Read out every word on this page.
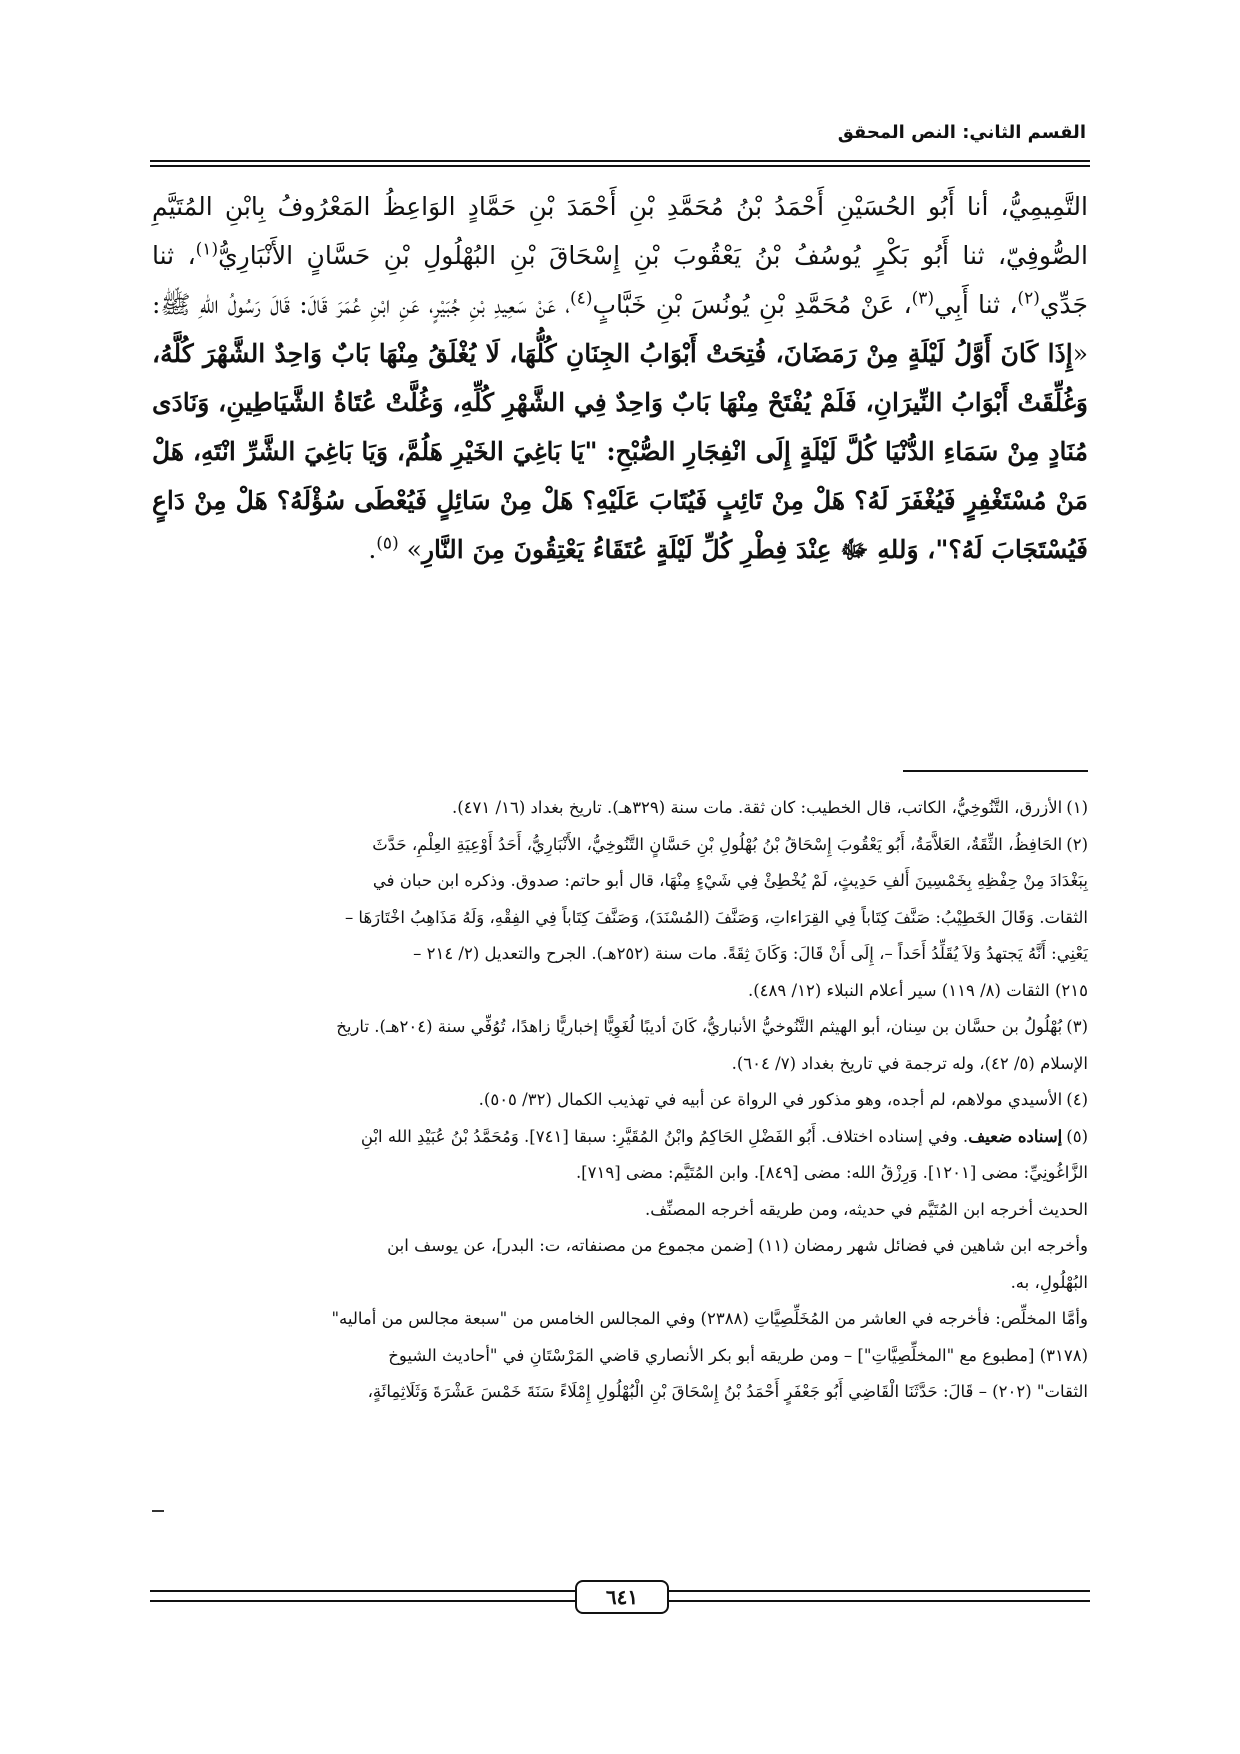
القسم الثاني: النص المحقق

التَّمِيمِيُّ، أنا أَبُو الحُسَيْنِ أَحْمَدُ بْنُ مُحَمَّدِ بْنِ أَحْمَدَ بْنِ حَمَّادٍ الوَاعِظُ المَعْرُوفُ بِابْنِ المُتَيَّمِ الصُّوفِيّ، ثنا أَبُو بَكْرٍ يُوسُفُ بْنُ يَعْقُوبَ بْنِ إِسْحَاقَ بْنِ البُهْلُولِ بْنِ حَسَّانٍ الأَنْبَارِيُّ$^{(١)}$، ثنا جَدِّي$^{(٢)}$، ثنا أَبِي$^{(٣)}$، عَنْ مُحَمَّدِ بْنِ يُونُسَ بْنِ خَبَّابٍ$^{(٤)}$، عَنْ سَعِيدِ بْنِ جُبَيْرٍ، عَنِ ابْنِ عُمَرَ قَالَ: قَالَ رَسُولُ اللهِ ﷺ: «إِذَا كَانَ أَوَّلُ لَيْلَةٍ مِنْ رَمَضَانَ، فُتِحَتْ أَبْوَابُ الجِنَانِ كُلُّهَا، لَا يُغْلَقُ مِنْهَا بَابٌ وَاحِدٌ الشَّهْرَ كُلَّهُ، وَغُلِّقَتْ أَبْوَابُ النِّيرَانِ، فَلَمْ يُفْتَحْ مِنْهَا بَابٌ وَاحِدٌ فِي الشَّهْرِ كُلِّهِ، وَغُلَّتْ عُتَاةُ الشَّيَاطِينِ، وَنَادَى مُنَادٍ مِنْ سَمَاءِ الدُّنْيَا كُلَّ لَيْلَةٍ إِلَى انْفِجَارِ الصُّبْحِ: "يَا بَاغِيَ الخَيْرِ هَلُمَّ، وَيَا بَاغِيَ الشَّرِّ انْتَهِ، هَلْ مَنْ مُسْتَغْفِرٍ فَيُغْفَرَ لَهُ؟ هَلْ مِنْ تَائِبٍ فَيُتَابَ عَلَيْهِ؟ هَلْ مِنْ سَائِلٍ فَيُعْطَى سُؤْلَهُ؟ هَلْ مِنْ دَاعٍ فَيُسْتَجَابَ لَهُ؟"، وَللهِ ﷻ عِنْدَ فِطْرِ كُلِّ لَيْلَةٍ عُتَقَاءُ يَعْتِقُونَ مِنَ النَّارِ» $^{(٥)}$.

(١)الأزرق، التَّنُوخِيُّ، الكاتب، قال الخطيب: كان ثقة. مات سنة (٣٢٩هـ). تاريخ بغداد (١٦/ ٤٧١).

(٢)الحَافِظُ، الثِّقَةُ، العَلاَّمَةُ، أَبُو يَعْقُوبَ إِسْحَاقُ بْنُ بُهْلُولِ بْنِ حَسَّانٍ التَّنُوخِيُّ، الأَنْبَارِيُّ، أَحَدُ أَوْعِيَةِ العِلْمِ، حَدَّثَ

بِبَغْدَادَ مِنْ حِفْظِهِ بِخَمْسِينَ أَلفِ حَدِيثٍ، لَمْ يُخْطِئْ فِي شَيْءٍ مِنْهَا، قال أبو حاتم: صدوق. وذكره ابن حبان في

الثقات. وَقَالَ الخَطِيْبُ: صَنَّفَ كِتَاباً فِي القِرَاءاتِ، وَصَنَّفَ (المُسْنَدَ)، وَصَنَّفَ كِتَاباً فِي الفِقْهِ، وَلَهُ مَذَاهِبُ اخْتَارَهَا –

يَعْنِي: أَنَّهُ يَجتهدُ وَلاَ يُقَلِّدُ أَحَداً –، إِلَى أَنْ قَالَ: وَكَانَ ثِقَةً. مات سنة (٢٥٢هـ). الجرح والتعديل (٢/ ٢١٤ –

٢١٥) الثقات (٨/ ١١٩) سير أعلام النبلاء (١٢/ ٤٨٩).

(٣)بُهْلُولُ بن حسَّان بن سِنان، أبو الهيثم التَّنُوخيُّ الأنباريُّ، كَانَ أديبًا لُغَوِيًّا إخباريًّا زاهدًا، تُوُفِّي سنة (٢٠٤هـ). تاريخ

الإسلام (٥/ ٤٢)، وله ترجمة في تاريخ بغداد (٧/ ٦٠٤).

(٤)الأسيدي مولاهم، لم أجده، وهو مذكور في الرواة عن أبيه في تهذيب الكمال (٣٢/ ٥٠٥).

(٥)إسناده ضعيف. وفي إسناده اختلاف. أَبُو الفَضْلِ الحَاكِمُ وابْنُ المُقَيَّرِ: سبقا [٧٤١]. وَمُحَمَّدُ بْنُ عُبَيْدِ الله ابْنِ

الزَّاغُونِيِّ: مضى [١٢٠١]. وَرِزْقُ الله: مضى [٨٤٩]. وابن المُتَيَّم: مضى [٧١٩].

الحديث أخرجه ابن المُتَيَّم في حديثه، ومن طريقه أخرجه المصنِّف.

وأخرجه ابن شاهين في فضائل شهر رمضان (١١) [ضمن مجموع من مصنفاته، ت: البدر]، عن يوسف ابن

البُهْلُولِ، به.

وأمَّا المخلِّص: فأخرجه في العاشر من المُخَلِّصِيَّاتِ (٢٣٨٨) وفي المجالس الخامس من "سبعة مجالس من أماليه"

(٣١٧٨) [مطبوع مع "المخلِّصِيَّاتِ"] – ومن طريقه أبو بكر الأنصاري قاضي المَرْسْتَانِ في "أحاديث الشيوخ

الثقات" (٢٠٢) – قَالَ: حَدَّثَنَا الْقَاضِي أَبُو جَعْفَرٍ أَحْمَدُ بْنُ إِسْحَاقَ بْنِ الْبُهْلُولِ إِمْلَاءً سَنَةَ خَمْسَ عَشْرَةَ وَثَلَاثِمِائَةٍ،

٦٤١
